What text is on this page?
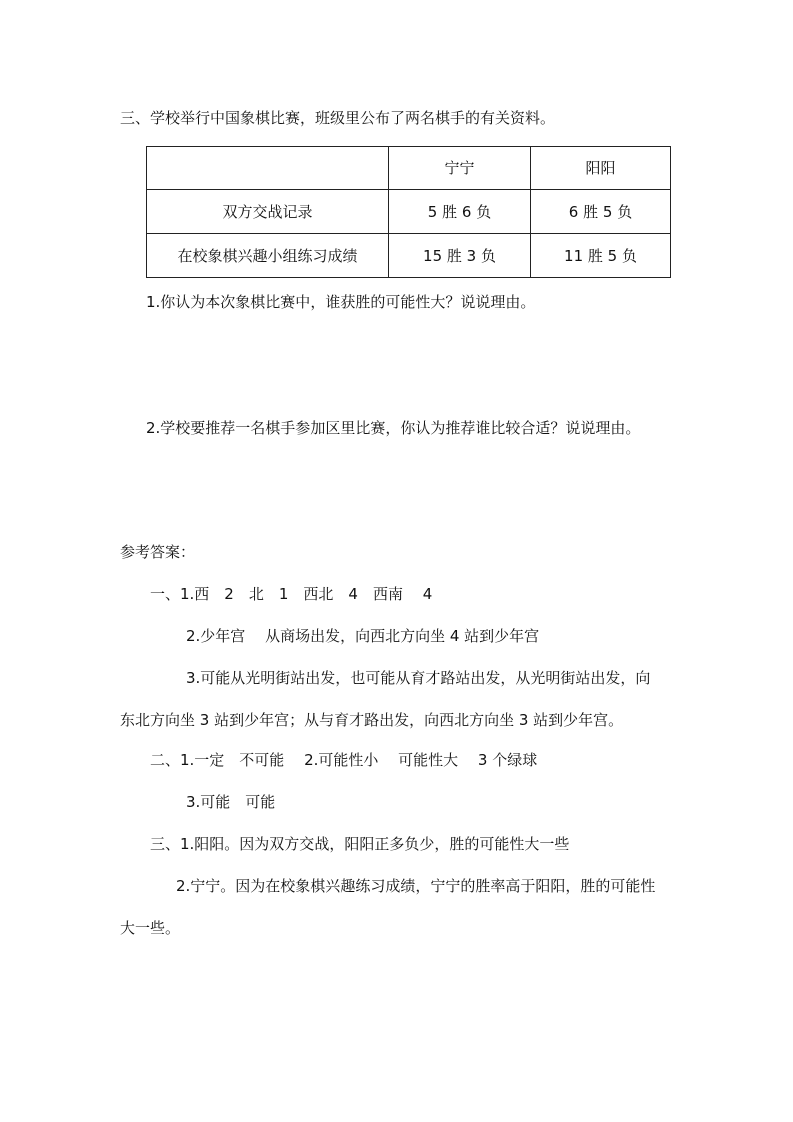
三、学校举行中国象棋比赛，班级里公布了两名棋手的有关资料。
	宁宁	阳阳
双方交战记录	5 胜 6 负	6 胜 5 负
在校象棋兴趣小组练习成绩	15 胜 3 负	11 胜 5 负
1.你认为本次象棋比赛中，谁获胜的可能性大？说说理由。
2.学校要推荐一名棋手参加区里比赛，你认为推荐谁比较合适？说说理由。
参考答案：
一、1.西　2　北　1　西北　4　西南　 4
2.少年宫　 从商场出发，向西北方向坐 4 站到少年宫
3.可能从光明街站出发，也可能从育才路站出发，从光明街站出发，向
东北方向坐 3 站到少年宫；从与育才路出发，向西北方向坐 3 站到少年宫。
二、1.一定　不可能　 2.可能性小　 可能性大　 3 个绿球
3.可能　可能
三、1.阳阳。因为双方交战，阳阳正多负少，胜的可能性大一些
2.宁宁。因为在校象棋兴趣练习成绩，宁宁的胜率高于阳阳，胜的可能性
大一些。
